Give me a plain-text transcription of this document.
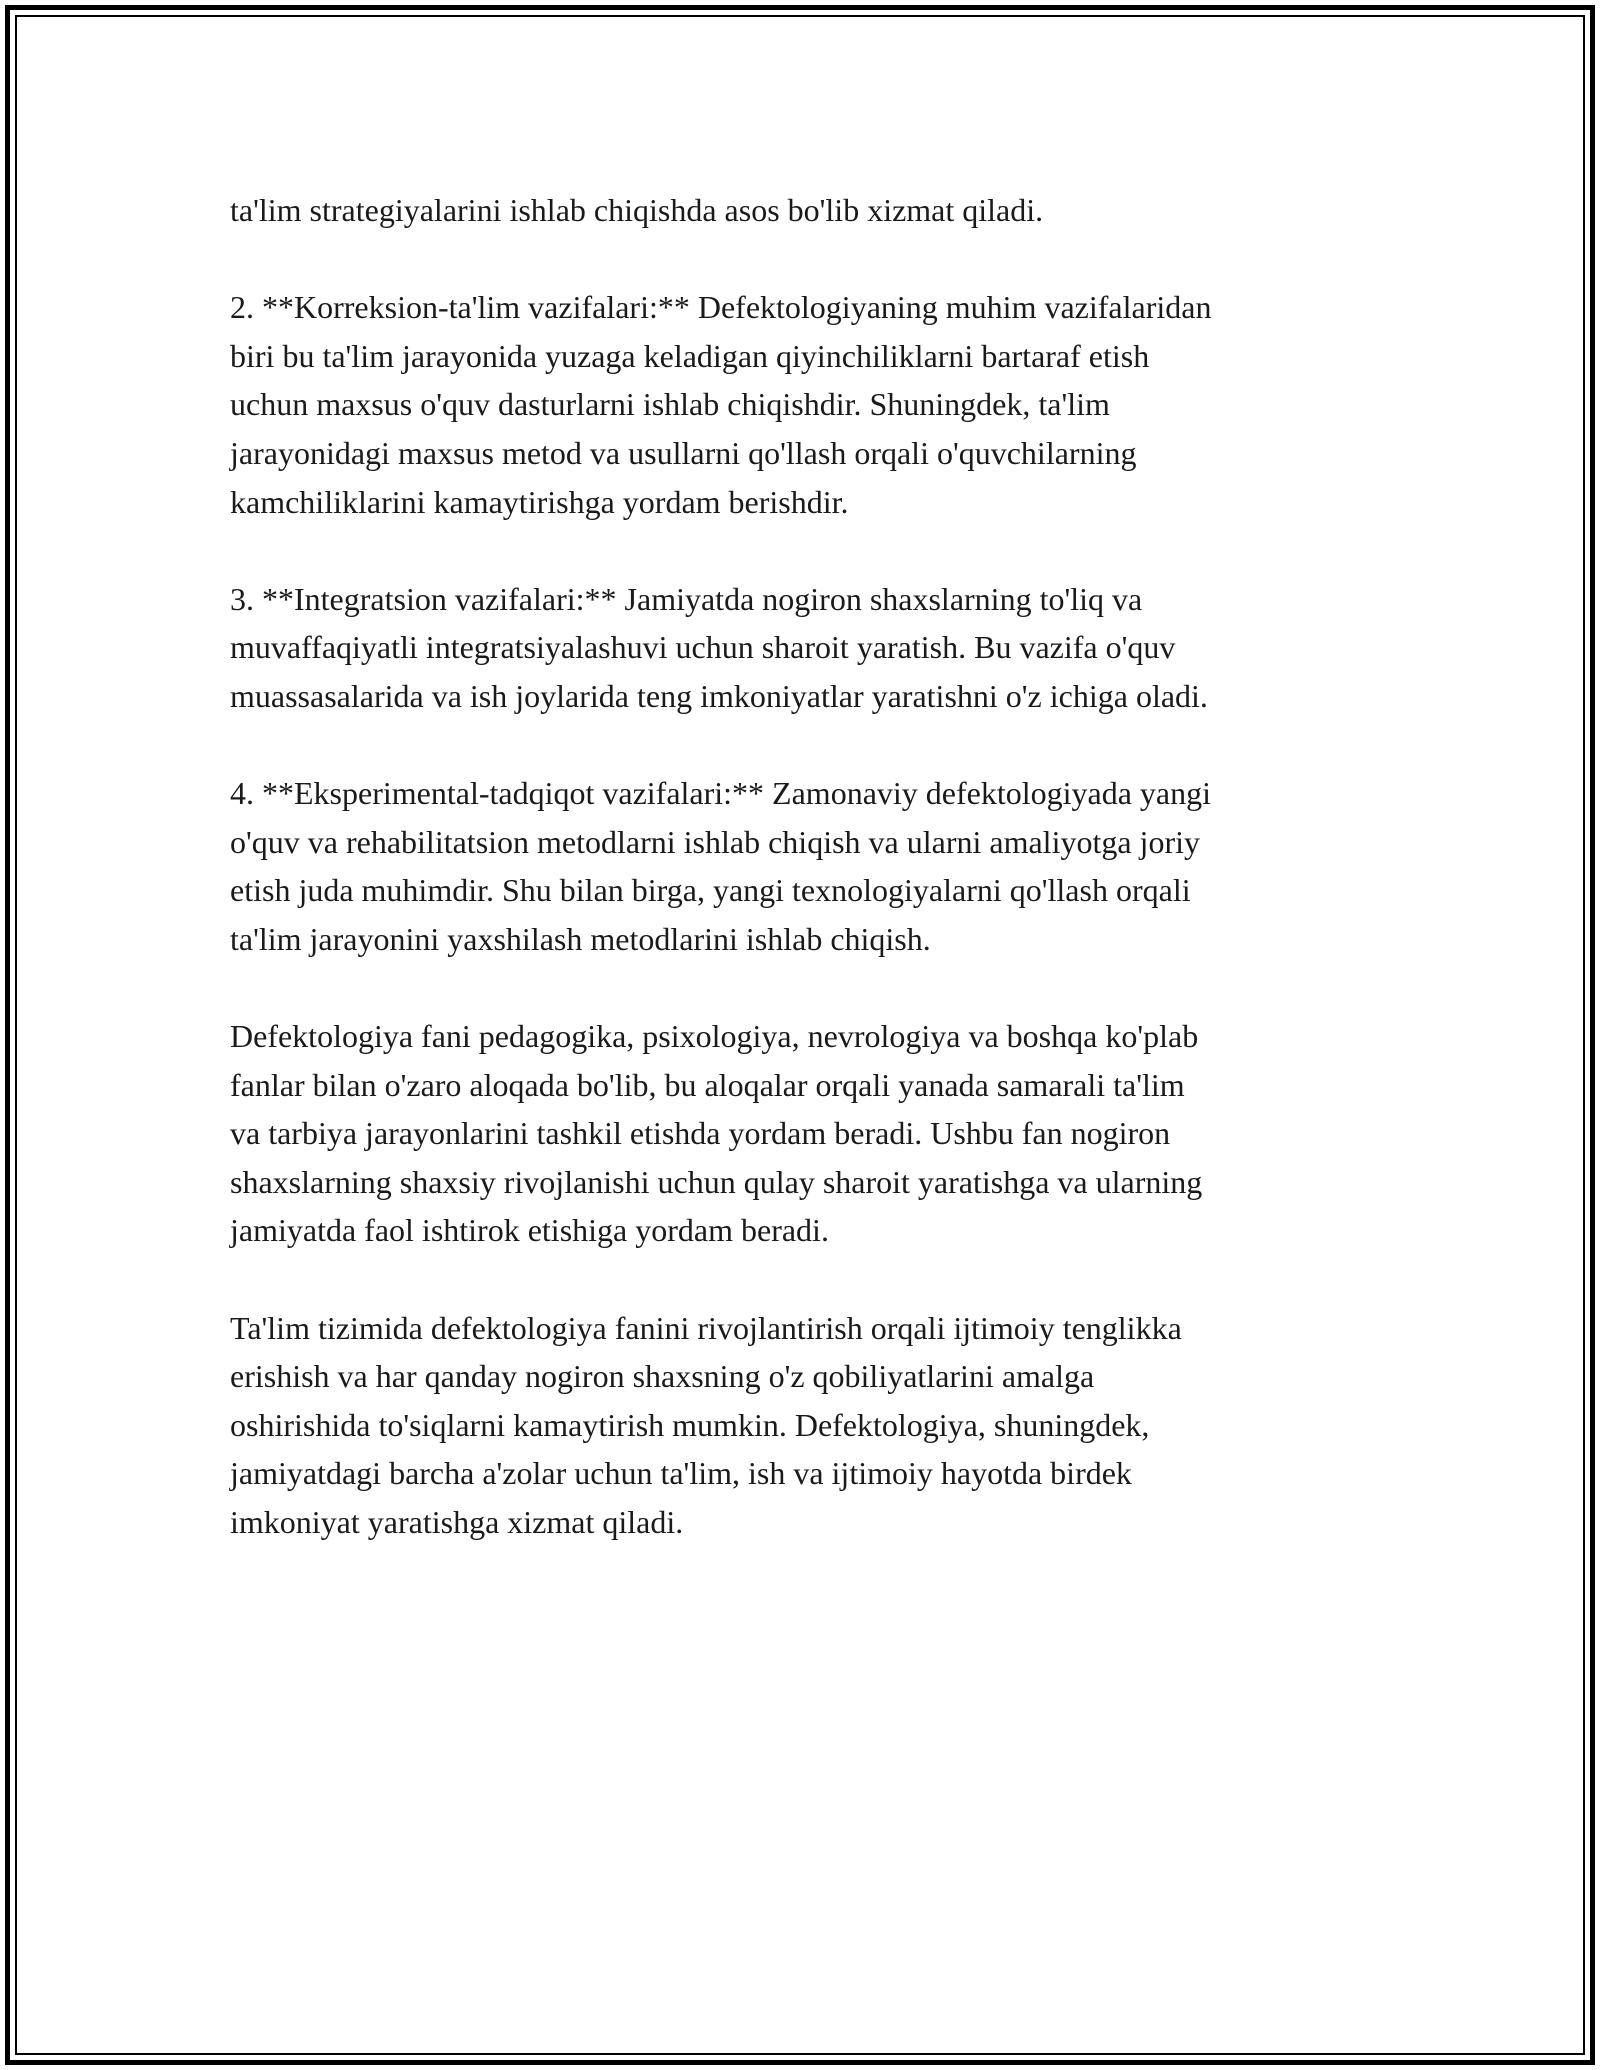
ta'lim strategiyalarini ishlab chiqishda asos bo'lib xizmat qiladi.

2. **Korreksion-ta'lim vazifalari:** Defektologiyaning muhim vazifalaridan
biri bu ta'lim jarayonida yuzaga keladigan qiyinchiliklarni bartaraf etish
uchun maxsus o'quv dasturlarni ishlab chiqishdir. Shuningdek, ta'lim
jarayonidagi maxsus metod va usullarni qo'llash orqali o'quvchilarning
kamchiliklarini kamaytirishga yordam berishdir.

3. **Integratsion vazifalari:** Jamiyatda nogiron shaxslarning to'liq va
muvaffaqiyatli integratsiyalashuvi uchun sharoit yaratish. Bu vazifa o'quv
muassasalarida va ish joylarida teng imkoniyatlar yaratishni o'z ichiga oladi.

4. **Eksperimental-tadqiqot vazifalari:** Zamonaviy defektologiyada yangi
o'quv va rehabilitatsion metodlarni ishlab chiqish va ularni amaliyotga joriy
etish juda muhimdir. Shu bilan birga, yangi texnologiyalarni qo'llash orqali
ta'lim jarayonini yaxshilash metodlarini ishlab chiqish.

Defektologiya fani pedagogika, psixologiya, nevrologiya va boshqa ko'plab
fanlar bilan o'zaro aloqada bo'lib, bu aloqalar orqali yanada samarali ta'lim
va tarbiya jarayonlarini tashkil etishda yordam beradi. Ushbu fan nogiron
shaxslarning shaxsiy rivojlanishi uchun qulay sharoit yaratishga va ularning
jamiyatda faol ishtirok etishiga yordam beradi.

Ta'lim tizimida defektologiya fanini rivojlantirish orqali ijtimoiy tenglikka
erishish va har qanday nogiron shaxsning o'z qobiliyatlarini amalga
oshirishida to'siqlarni kamaytirish mumkin. Defektologiya, shuningdek,
jamiyatdagi barcha a'zolar uchun ta'lim, ish va ijtimoiy hayotda birdek
imkoniyat yaratishga xizmat qiladi.
